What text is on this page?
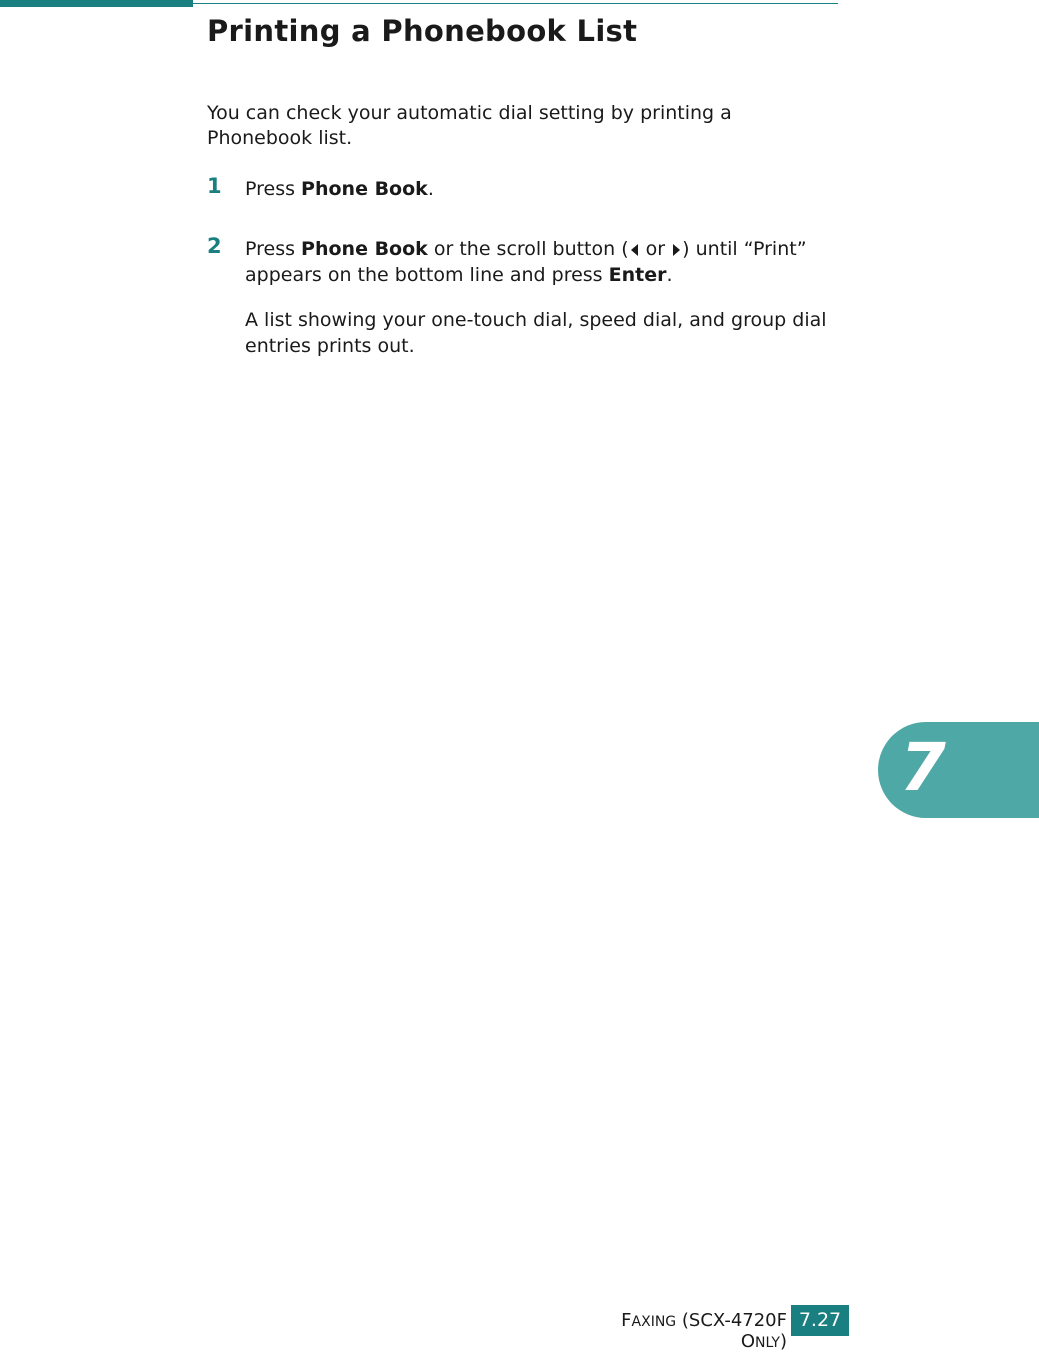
Printing a Phonebook List

You can check your automatic dial setting by printing a Phonebook list.

1 Press Phone Book.
2 Press Phone Book or the scroll button ( or ) until “Print” appears on the bottom line and press Enter.

A list showing your one-touch dial, speed dial, and group dial entries prints out.

7
FAXING (SCX-4720F ONLY)
7.27
